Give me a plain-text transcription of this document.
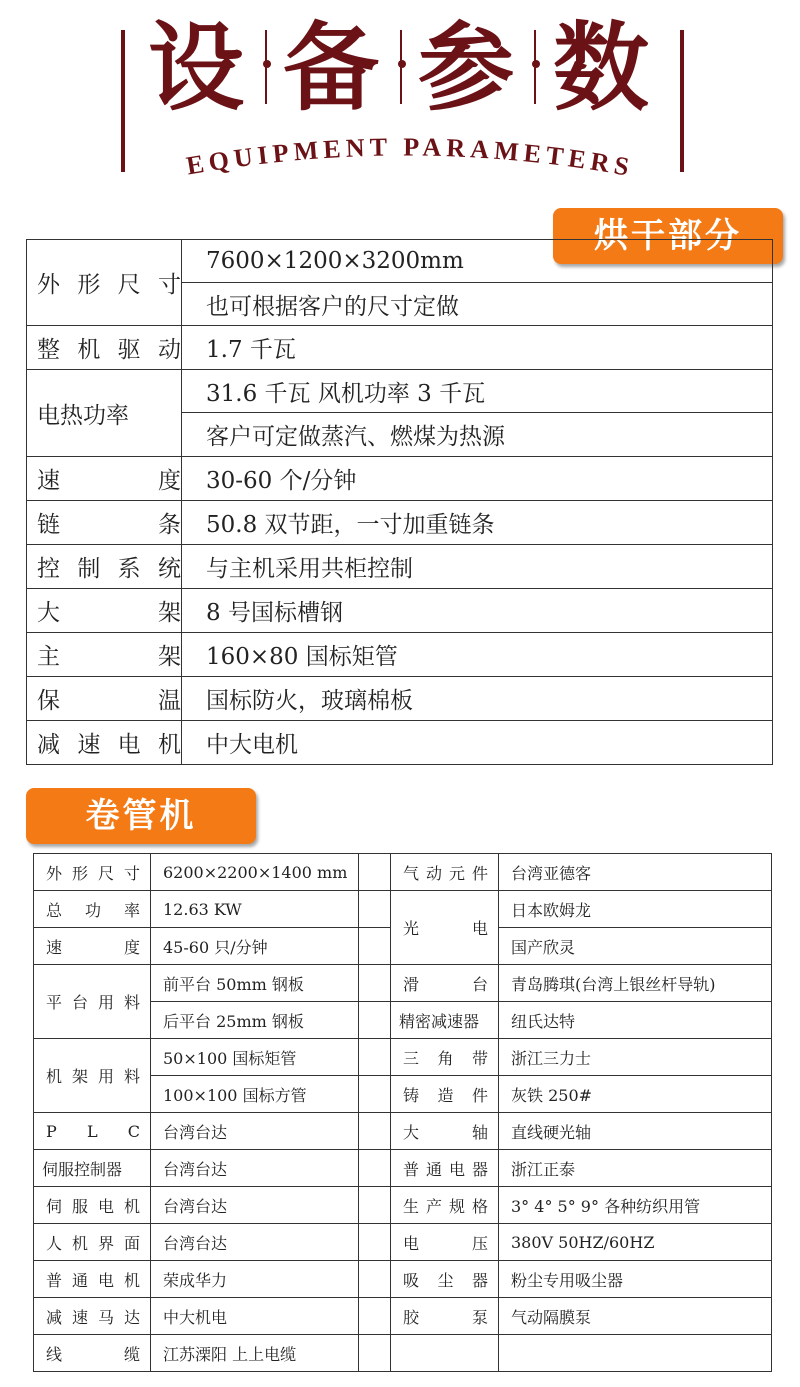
设 备 参 数
EQUIPMENT PARAMETERS
烘干部分
外 形 尺 寸	7600×1200×3200mm
	也可根据客户的尺寸定做

整 机 驱 动	1.7 千瓦
电热功率	31.6 千瓦 风机功率 3 千瓦
	客户可定做蒸汽、燃煤为热源

速 度	30-60 个/分钟

链 条	50.8 双节距，一寸加重链条

控 制 系 统	与主机采用共柜控制

大 架	8 号国标槽钢

主 架	160×80 国标矩管

保 温	国标防火，玻璃棉板

减 速 电 机	中大电机
卷管机
外 形 尺 寸	6200×2200×1400 mm		气 动 元 件	台湾亚德客

总 功 率	12.63 KW		光 电	日本欧姆龙

速 度	45-60 只/分钟			国产欣灵

平 台 用 料	前平台 50mm 钢板		滑 台	青岛腾琪(台湾上银丝杆导轨)
	后平台 25mm 钢板		精密减速器	纽氏达特

机 架 用 料	50×100 国标矩管		三 角 带	浙江三力士
	100×100 国标方管		铸 造 件	灰铁 250#

P L C	台湾台达		大 轴	直线硬光轴

伺服控制器	台湾台达		普 通 电 器	浙江正泰

伺 服 电 机	台湾台达		生 产 规 格	3° 4° 5° 9° 各种纺织用管

人 机 界 面	台湾台达		电 压	380V 50HZ/60HZ

普 通 电 机	荣成华力		吸 尘 器	粉尘专用吸尘器

减 速 马 达	中大机电		胶 泵	气动隔膜泵

线 缆	江苏溧阳 上上电缆			
